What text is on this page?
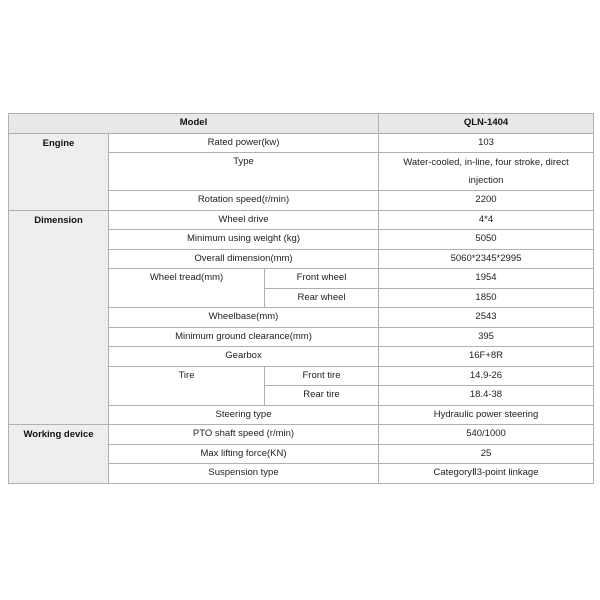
Model			QLN-1404
Engine	Rated power(kw)		103
	Type		Water-cooled, in-line, four stroke, direct injection
	Rotation speed(r/min)		2200
Dimension	Wheel drive		4*4
	Minimum using weight (kg)		5050
	Overall dimension(mm)		5060*2345*2995
	Wheel tread(mm)	Front wheel	1954
		Rear wheel	1850
	Wheelbase(mm)		2543
	Minimum ground clearance(mm)		395
	Gearbox		16F+8R
	Tire	Front tire	14.9-26
		Rear tire	18.4-38
	Steering type		Hydraulic power steering
Working device	PTO shaft speed (r/min)		540/1000
	Max lifting force(KN)		25
	Suspension type		CategoryⅡ3-point linkage
